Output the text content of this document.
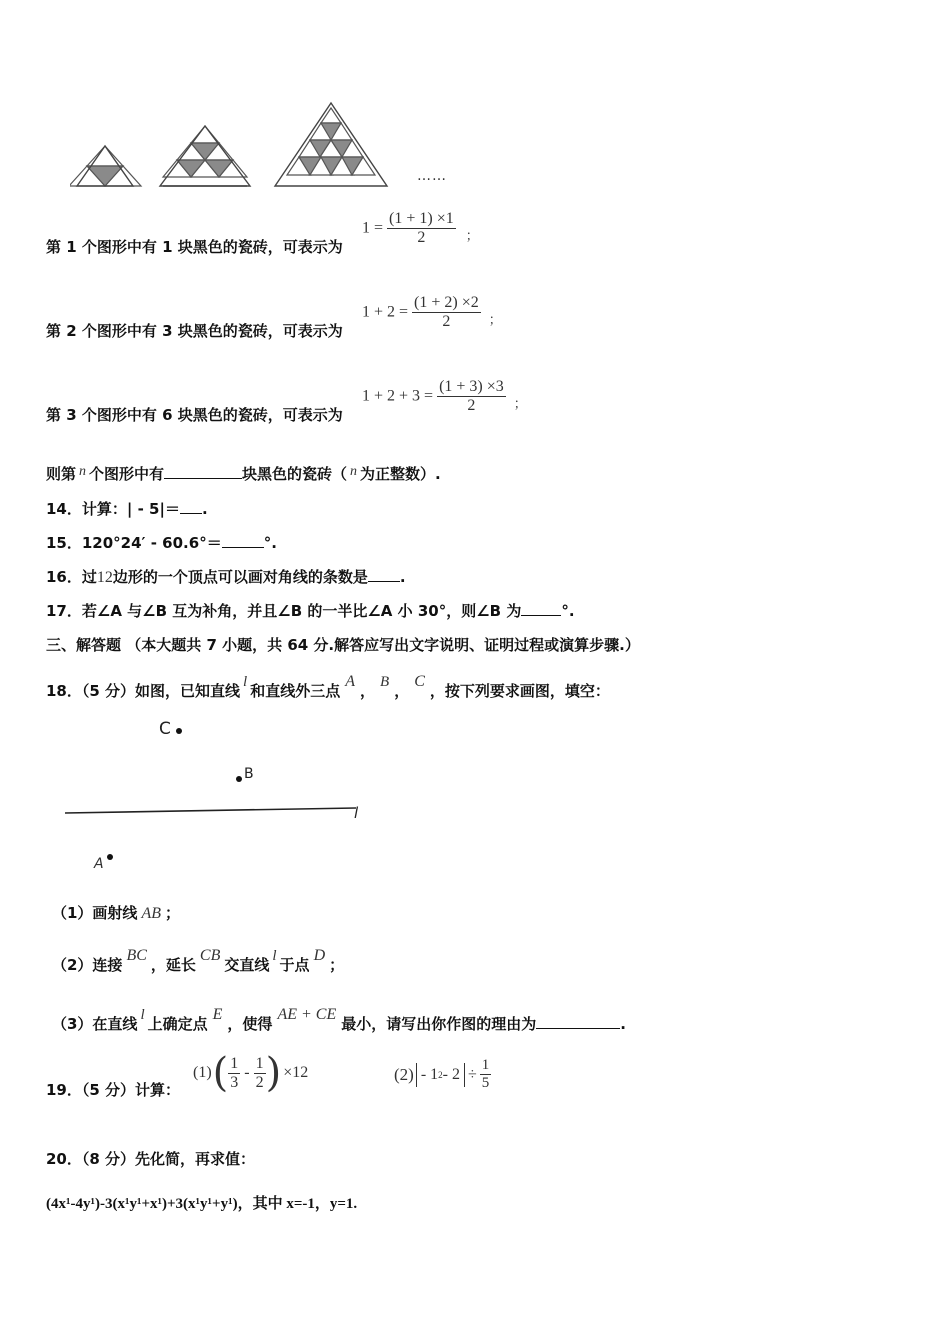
……
第 1 个图形中有 1 块黑色的瓷砖，可表示为
$1 = \frac{(1 + 1) \times 1}{2} _;$
第 2 个图形中有 3 块黑色的瓷砖，可表示为
$1 + 2 = \frac{(1 + 2) \times 2}{2} _;$
第 3 个图形中有 6 块黑色的瓷砖，可表示为
$1 + 2 + 3 = \frac{(1 + 3) \times 3}{2} _;$
则第 n 个图形中有	块黑色的瓷砖（ n 为正整数）.
14．计算：| - 5|＝ .
15．120°24′ - 60.6°＝	°.
16．过12边形的一个顶点可以画对角线的条数是 .
17．若∠A 与∠B 互为补角，并且∠B 的一半比∠A 小 30°，则∠B 为	°.
三、解答题 （本大题共 7 小题，共 64 分.解答应写出文字说明、证明过程或演算步骤.）
18．（5 分）如图，已知直线 l 和直线外三点A， B ，C，按下列要求画图，填空：
C
B
l
A
（1）画射线 AB ；
（2）连接BC，延长CB交直线 l 于点D；
（3）在直线 l 上确定点E，使得AE + CE最小，请写出你作图的理由为	.
19．（5 分）计算：
(1) ( $\frac{1}{3} - \frac{1}{2}$ ) ×12	(2) - 1 $2 - 2 \div \frac{1}{5}$
20．（8 分）先化简，再求值：
(4x¹-4y¹)-3(x¹y¹+x¹)+3(x¹y¹+y¹)，其中 x=-1，y=1.
